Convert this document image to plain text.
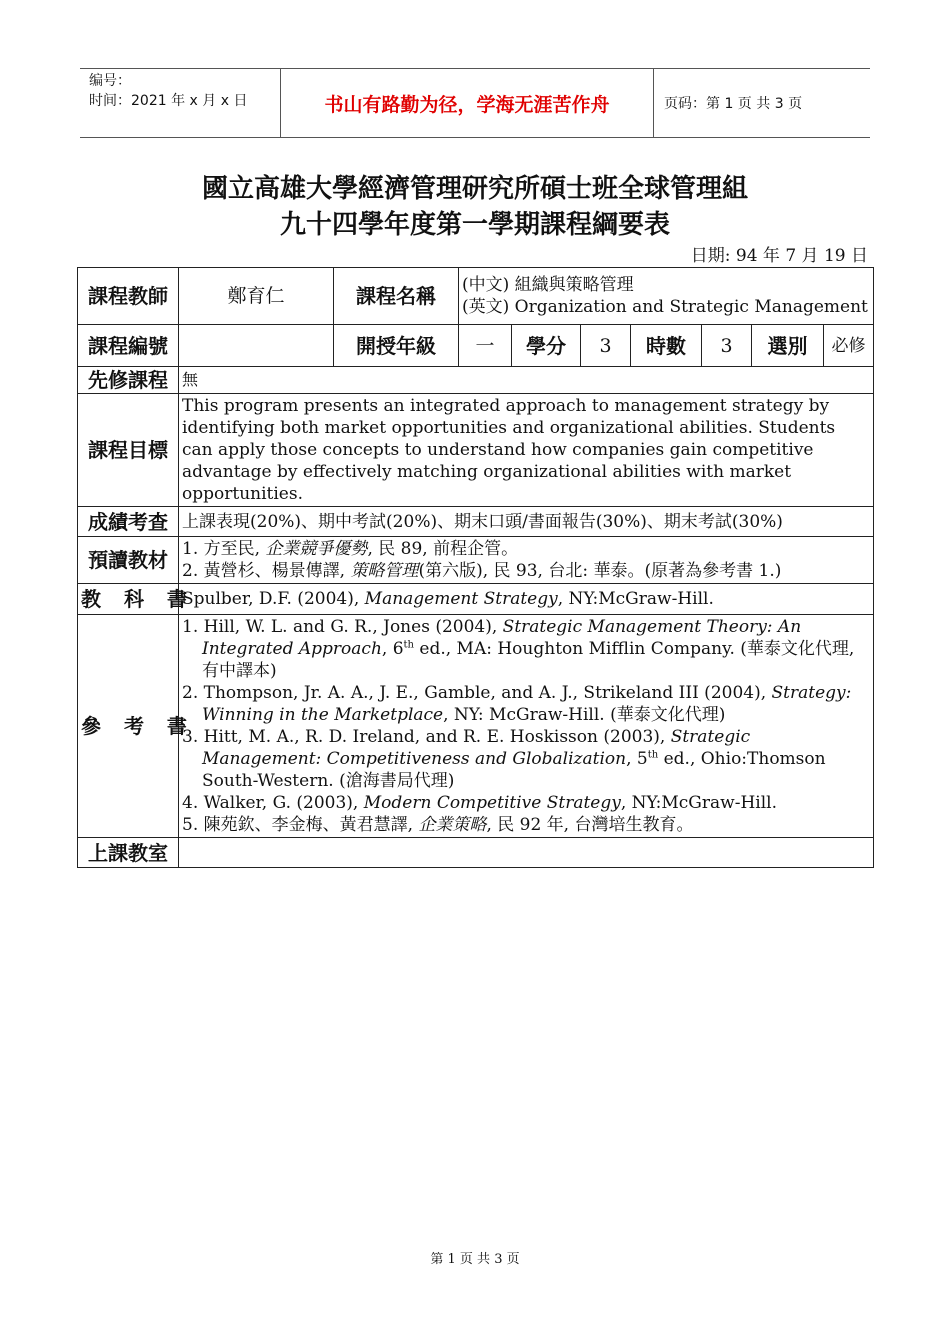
编号：
时间：2021 年 x 月 x 日	书山有路勤为径，学海无涯苦作舟	页码：第 1 页 共 3 页
國立高雄大學經濟管理研究所碩士班全球管理組
九十四學年度第一學期課程綱要表
日期: 94 年 7 月 19 日
課程教師	鄭育仁	課程名稱	(中文) 組織與策略管理
(英文) Organization and Strategic Management						

課程編號		開授年級	一	學分	3	時數	3	選別	必修
先修課程	無								
課程目標	This program presents an integrated approach to management strategy by identifying both market opportunities and organizational abilities. Students can apply those concepts to understand how companies gain competitive advantage by effectively matching organizational abilities with market opportunities.								
成績考查	上課表現(20%)、期中考試(20%)、期末口頭/書面報告(30%)、期末考試(30%)								
預讀教材	1. 方至民, 企業競爭優勢, 民 89, 前程企管。
2. 黃營杉、楊景傳譯, 策略管理(第六版), 民 93, 台北: 華泰。(原著為參考書 1.)								

教 科 書	Spulber, D.F. (2004), Management Strategy, NY:McGraw-Hill.								
參 考 書	1. Hill, W. L. and G. R., Jones (2004), Strategic Management Theory: An Integrated Approach, 6th ed., MA: Houghton Mifflin Company. (華泰文化代理, 有中譯本)
2. Thompson, Jr. A. A., J. E., Gamble, and A. J., Strikeland III (2004), Strategy: Winning in the Marketplace, NY: McGraw-Hill. (華泰文化代理)
3. Hitt, M. A., R. D. Ireland, and R. E. Hoskisson (2003), Strategic Management: Competitiveness and Globalization, 5th ed., Ohio:Thomson South-Western. (滄海書局代理)
4. Walker, G. (2003), Modern Competitive Strategy, NY:McGraw-Hill.
5. 陳苑欽、李金梅、黃君慧譯, 企業策略, 民 92 年, 台灣培生教育。								

上課教室									
第 1 页 共 3 页
